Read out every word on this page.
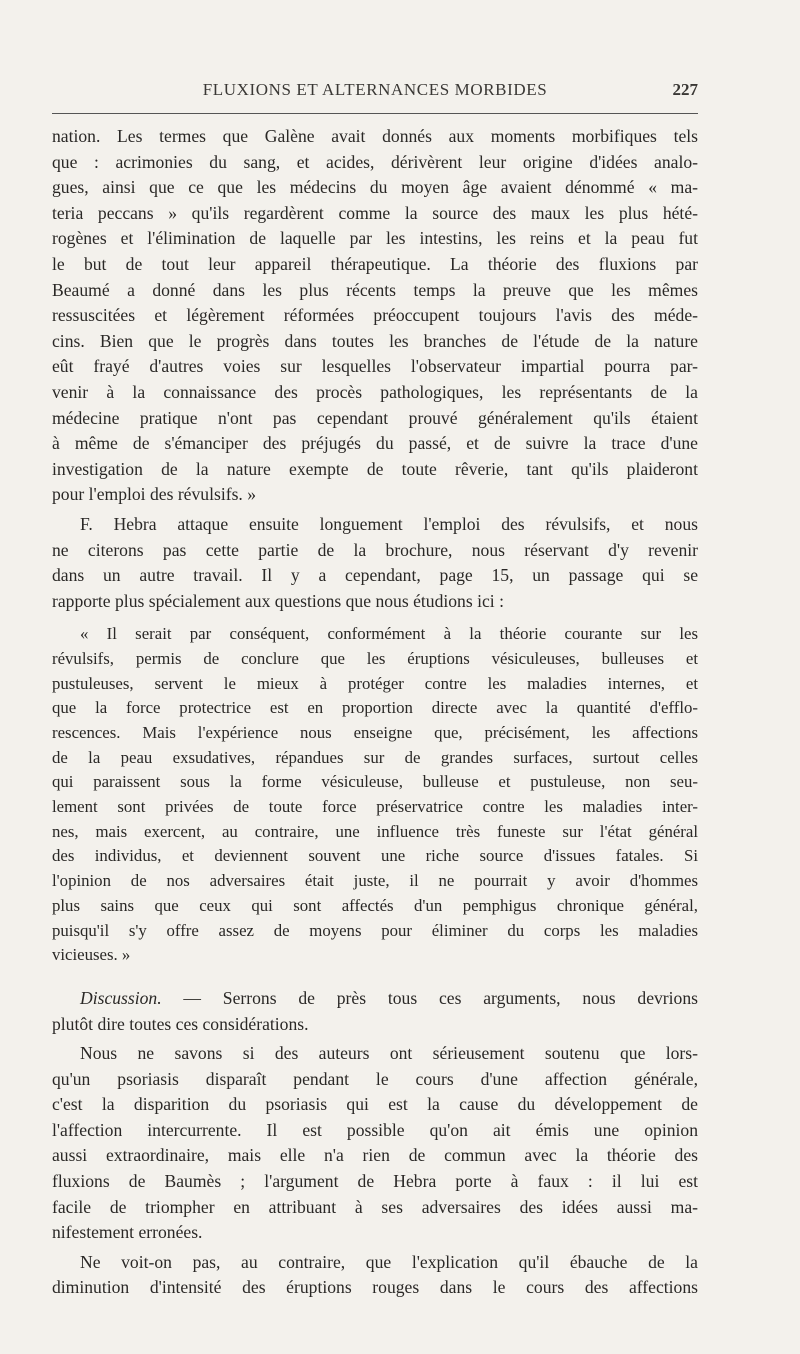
FLUXIONS ET ALTERNANCES MORBIDES	227
nation. Les termes que Galène avait donnés aux moments morbifiques tels
que : acrimonies du sang, et acides, dérivèrent leur origine d'idées analo-
gues, ainsi que ce que les médecins du moyen âge avaient dénommé « ma-
teria peccans » qu'ils regardèrent comme la source des maux les plus hété-
rogènes et l'élimination de laquelle par les intestins, les reins et la peau fut
le but de tout leur appareil thérapeutique. La théorie des fluxions par
Beaumé a donné dans les plus récents temps la preuve que les mêmes
ressuscitées et légèrement réformées préoccupent toujours l'avis des méde-
cins. Bien que le progrès dans toutes les branches de l'étude de la nature
eût frayé d'autres voies sur lesquelles l'observateur impartial pourra par-
venir à la connaissance des procès pathologiques, les représentants de la
médecine pratique n'ont pas cependant prouvé généralement qu'ils étaient
à même de s'émanciper des préjugés du passé, et de suivre la trace d'une
investigation de la nature exempte de toute rêverie, tant qu'ils plaideront
pour l'emploi des révulsifs. »
F. Hebra attaque ensuite longuement l'emploi des révulsifs, et nous
ne citerons pas cette partie de la brochure, nous réservant d'y revenir
dans un autre travail. Il y a cependant, page 15, un passage qui se
rapporte plus spécialement aux questions que nous étudions ici :
« Il serait par conséquent, conformément à la théorie courante sur les
révulsifs, permis de conclure que les éruptions vésiculeuses, bulleuses et
pustuleuses, servent le mieux à protéger contre les maladies internes, et
que la force protectrice est en proportion directe avec la quantité d'efflo-
rescences. Mais l'expérience nous enseigne que, précisément, les affections
de la peau exsudatives, répandues sur de grandes surfaces, surtout celles
qui paraissent sous la forme vésiculeuse, bulleuse et pustuleuse, non seu-
lement sont privées de toute force préservatrice contre les maladies inter-
nes, mais exercent, au contraire, une influence très funeste sur l'état général
des individus, et deviennent souvent une riche source d'issues fatales. Si
l'opinion de nos adversaires était juste, il ne pourrait y avoir d'hommes
plus sains que ceux qui sont affectés d'un pemphigus chronique général,
puisqu'il s'y offre assez de moyens pour éliminer du corps les maladies
vicieuses. »
Discussion. — Serrons de près tous ces arguments, nous devrions
plutôt dire toutes ces considérations.
Nous ne savons si des auteurs ont sérieusement soutenu que lors-
qu'un psoriasis disparaît pendant le cours d'une affection générale,
c'est la disparition du psoriasis qui est la cause du développement de
l'affection intercurrente. Il est possible qu'on ait émis une opinion
aussi extraordinaire, mais elle n'a rien de commun avec la théorie des
fluxions de Baumès ; l'argument de Hebra porte à faux : il lui est
facile de triompher en attribuant à ses adversaires des idées aussi ma-
nifestement erronées.
Ne voit-on pas, au contraire, que l'explication qu'il ébauche de la
diminution d'intensité des éruptions rouges dans le cours des affections
